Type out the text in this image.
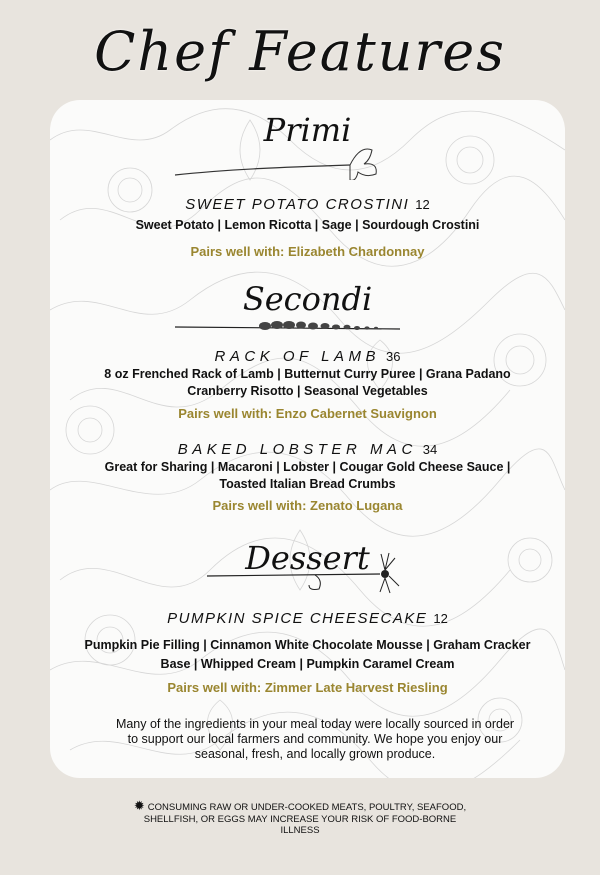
Chef Features
Primi
SWEET POTATO CROSTINI 12
Sweet Potato | Lemon Ricotta | Sage | Sourdough Crostini
Pairs well with: Elizabeth Chardonnay
Secondi
RACK OF LAMB 36
8 oz Frenched Rack of Lamb | Butternut Curry Puree | Grana Padano
Cranberry Risotto | Seasonal Vegetables
Pairs well with: Enzo Cabernet Suavignon
BAKED LOBSTER MAC 34
Great for Sharing | Macaroni | Lobster | Cougar Gold Cheese Sauce |
Toasted Italian Bread Crumbs
Pairs well with: Zenato Lugana
Dessert
PUMPKIN SPICE CHEESECAKE 12
Pumpkin Pie Filling | Cinnamon White Chocolate Mousse | Graham Cracker
Base | Whipped Cream | Pumpkin Caramel Cream
Pairs well with: Zimmer Late Harvest Riesling
Many of the ingredients in your meal today were locally sourced in order
to support our local farmers and community. We hope you enjoy our
seasonal, fresh, and locally grown produce.
✹ CONSUMING RAW OR UNDER-COOKED MEATS, POULTRY, SEAFOOD,
SHELLFISH, OR EGGS MAY INCREASE YOUR RISK OF FOOD-BORNE
ILLNESS
